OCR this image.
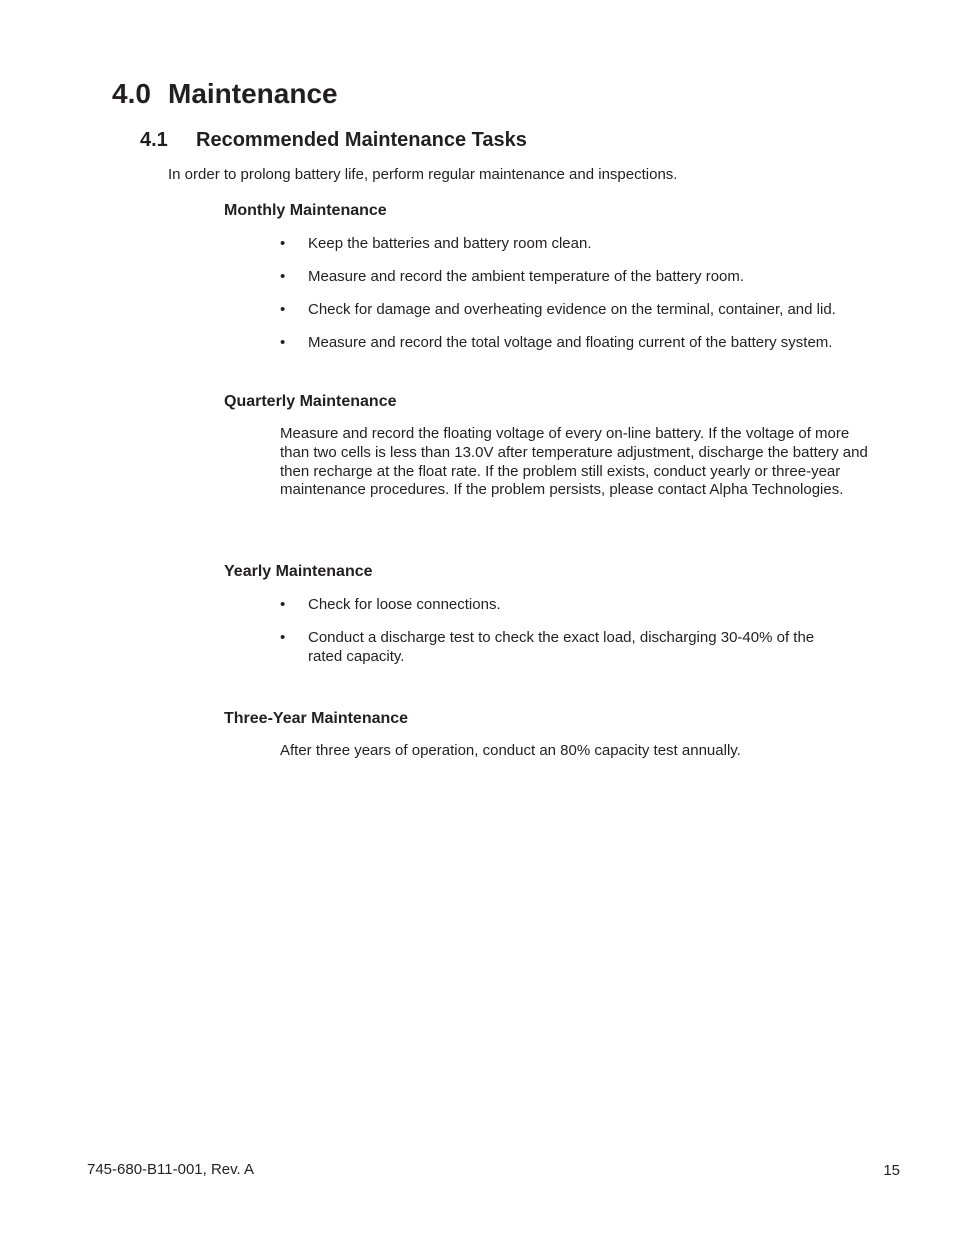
4.0 Maintenance
4.1 Recommended Maintenance Tasks

In order to prolong battery life, perform regular maintenance and inspections.

Monthly Maintenance
•	Keep the batteries and battery room clean.
•	Measure and record the ambient temperature of the battery room.
•	Check for damage and overheating evidence on the terminal, container, and lid.
•	Measure and record the total voltage and floating current of the battery system.
Quarterly Maintenance

Measure and record the floating voltage of every on-line battery. If the voltage of more than two cells is less than 13.0V after temperature adjustment, discharge the battery and then recharge at the float rate. If the problem still exists, conduct yearly or three-year maintenance procedures. If the problem persists, please contact Alpha Technologies.

Yearly Maintenance
•	Check for loose connections.
•	Conduct a discharge test to check the exact load, discharging 30-40% of the rated capacity.
Three-Year Maintenance

After three years of operation, conduct an 80% capacity test annually.

745-680-B11-001, Rev. A	15
